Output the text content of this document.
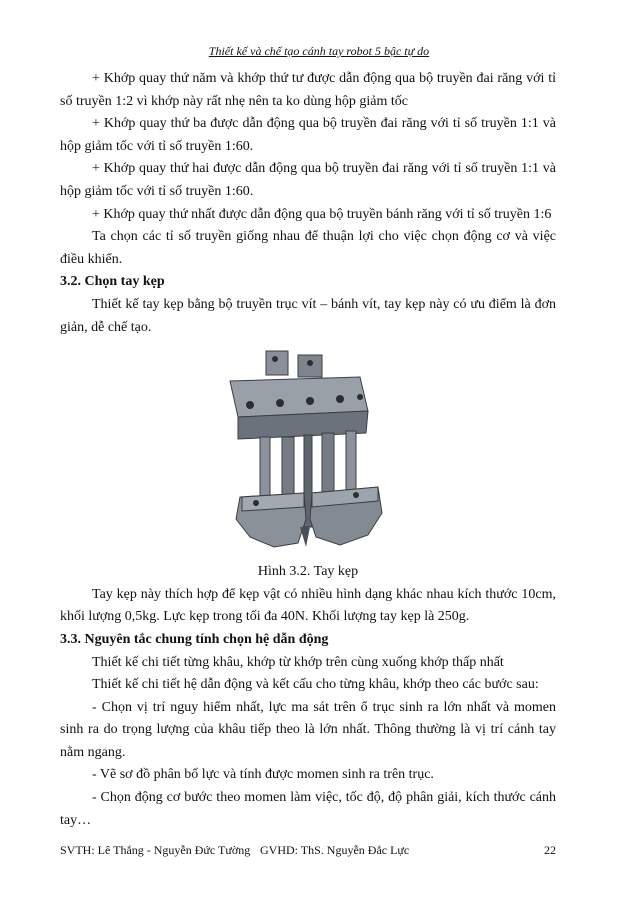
Thiết kế và chế tạo cánh tay robot 5 bậc tự do

+ Khớp quay thứ năm và khớp thứ tư được dẫn động qua bộ truyền đai răng với tỉ số truyền 1:2 vì khớp này rất nhẹ nên ta ko dùng hộp giảm tốc

+ Khớp quay thứ ba được dẫn động qua bộ truyền đai răng với tỉ số truyền 1:1 và hộp giảm tốc với tỉ số truyền 1:60.

+ Khớp quay thứ hai được dẫn động qua bộ truyền đai răng với tỉ số truyền 1:1 và hộp giảm tốc với tỉ số truyền 1:60.

+ Khớp quay thứ nhất được dẫn động qua bộ truyền bánh răng với tỉ số truyền 1:6

Ta chọn các tỉ số truyền giống nhau để thuận lợi cho việc chọn động cơ và việc điều khiển.

3.2. Chọn tay kẹp

Thiết kế tay kẹp bằng bộ truyền trục vít – bánh vít, tay kẹp này có ưu điểm là đơn giản, dễ chế tạo.

Hình 3.2. Tay kẹp

Tay kẹp này thích hợp để kẹp vật có nhiều hình dạng khác nhau kích thước 10cm, khối lượng 0,5kg. Lực kẹp trong tối đa 40N. Khối lượng tay kẹp là 250g.

3.3. Nguyên tắc chung tính chọn hệ dẫn động

Thiết kế chi tiết từng khâu, khớp từ khớp trên cùng xuống khớp thấp nhất

Thiết kế chi tiết hệ dẫn động và kết cấu cho từng khâu, khớp theo các bước sau:

- Chọn vị trí nguy hiểm nhất, lực ma sát trên ổ trục sinh ra lớn nhất và momen sinh ra do trọng lượng của khâu tiếp theo là lớn nhất. Thông thường là vị trí cánh tay nằm ngang.

- Vẽ sơ đồ phân bố lực và tính được momen sinh ra trên trục.

- Chọn động cơ bước theo momen làm việc, tốc độ, độ phân giải, kích thước cánh tay…

SVTH: Lê Thắng - Nguyễn Đức Tường GVHD: ThS. Nguyễn Đắc Lực	22
